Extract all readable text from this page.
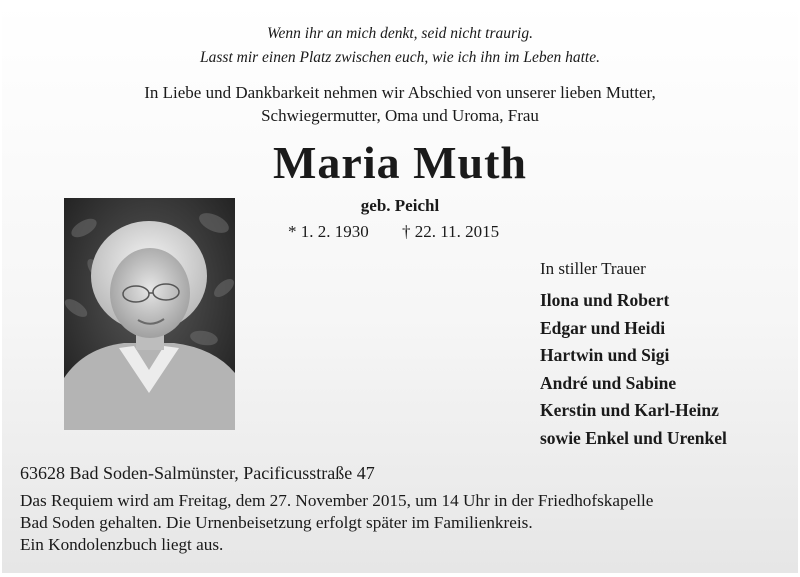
Wenn ihr an mich denkt, seid nicht traurig.
Lasst mir einen Platz zwischen euch, wie ich ihn im Leben hatte.
In Liebe und Dankbarkeit nehmen wir Abschied von unserer lieben Mutter,
Schwiegermutter, Oma und Uroma, Frau
Maria Muth
geb. Peichl
* 1. 2. 1930 † 22. 11. 2015
In stiller Trauer
Ilona und Robert
Edgar und Heidi
Hartwin und Sigi
André und Sabine
Kerstin und Karl-Heinz
sowie Enkel und Urenkel
63628 Bad Soden-Salmünster, Pacificusstraße 47
Das Requiem wird am Freitag, dem 27. November 2015, um 14 Uhr in der Friedhofskapelle
Bad Soden gehalten. Die Urnenbeisetzung erfolgt später im Familienkreis.
Ein Kondolenzbuch liegt aus.
